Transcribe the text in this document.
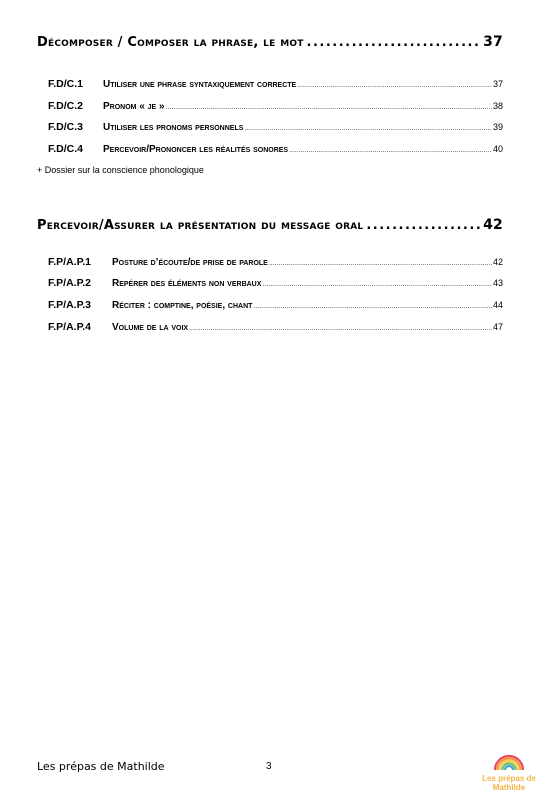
Décomposer / Composer la phrase, le mot .....	37
F.D/C.1	Utiliser une phrase syntaxiquement correcte .....	37
F.D/C.2	Pronom « je » .....	38
F.D/C.3	Utiliser les pronoms personnels .....	39
F.D/C.4	Percevoir/Prononcer les réalités sonores .....	40
+ Dossier sur la conscience phonologique
Percevoir/Assurer la présentation du message oral .....	42
F.P/A.P.1	Posture d’écoute/de prise de parole .....	42
F.P/A.P.2	Repérer des éléments non verbaux .....	43
F.P/A.P.3	Réciter : comptine, poésie, chant .....	44
F.P/A.P.4	Volume de la voix .....	47
Les prépas de Mathilde	3
Les prépas de
Mathilde
